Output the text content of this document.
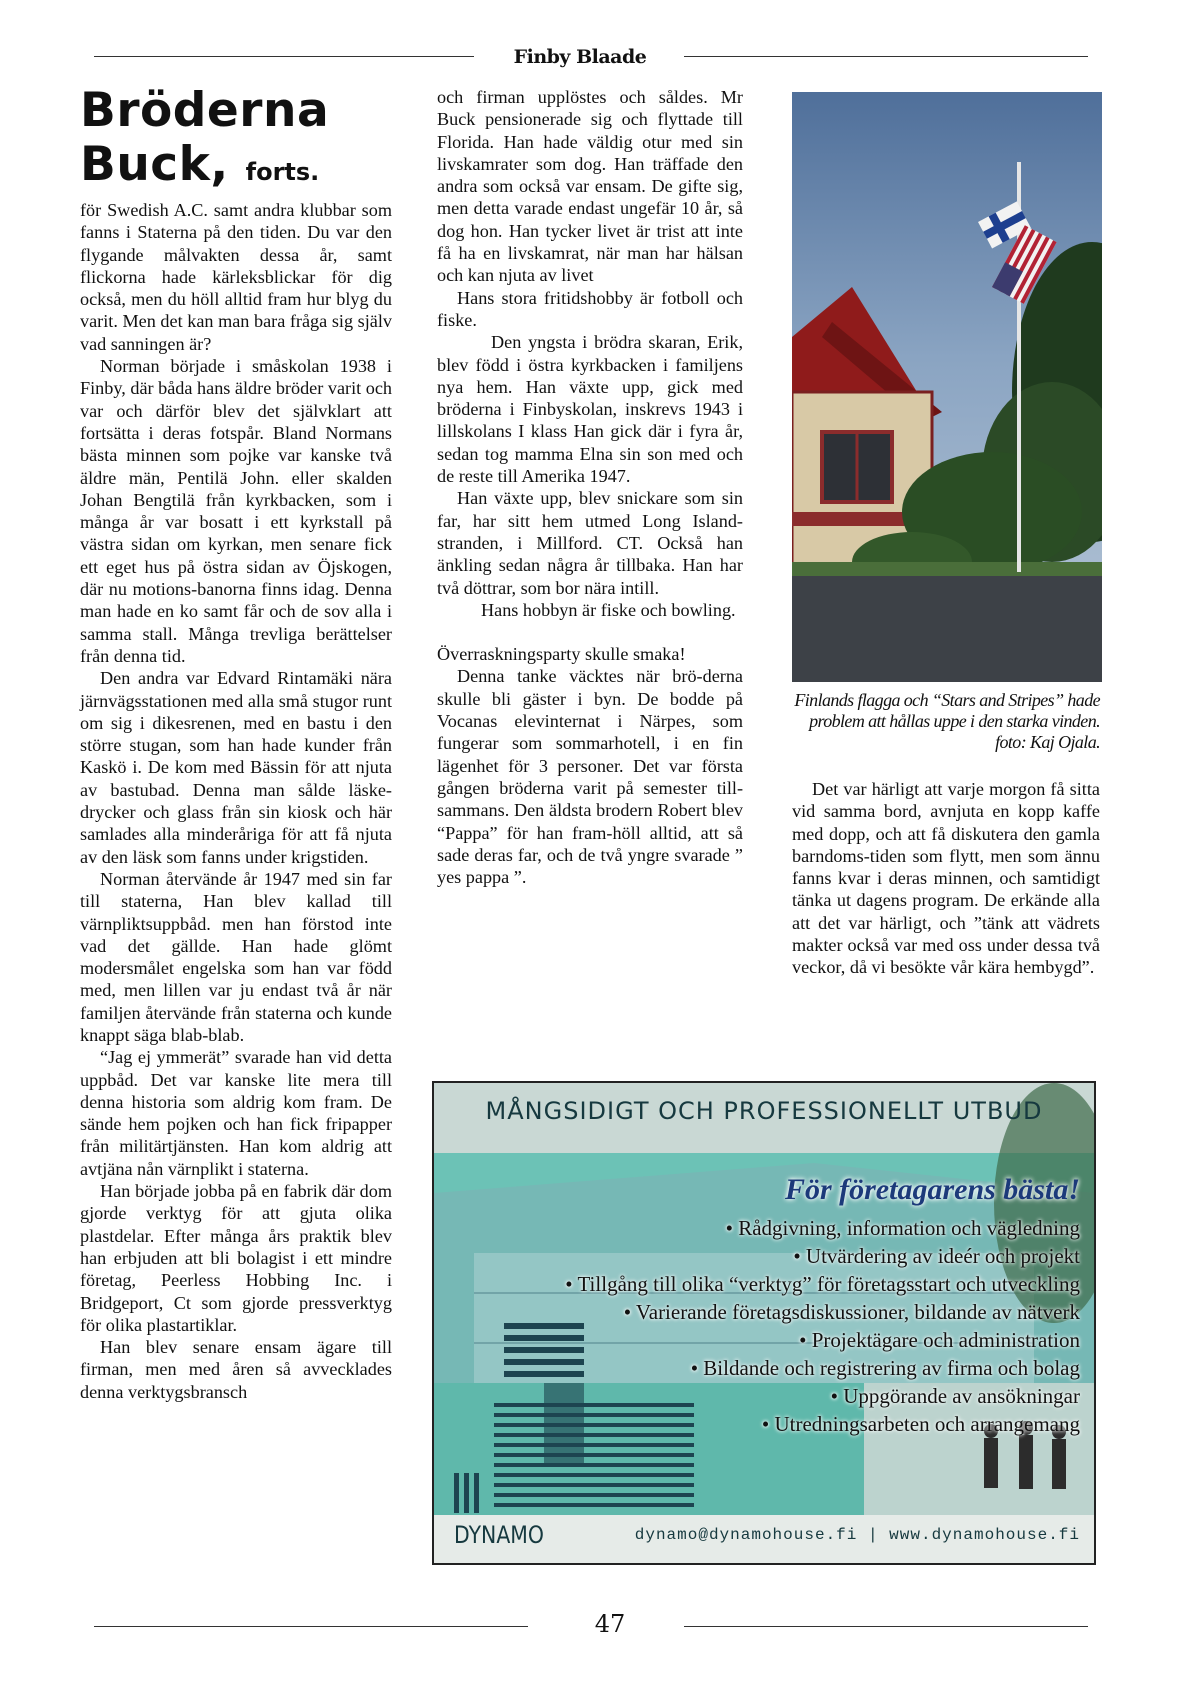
Finby Blaade
Bröderna
Buck, forts.

för Swedish A.C. samt andra klubbar som fanns i Staterna på den tiden. Du var den flygande målvakten dessa år, samt flickorna hade kärleksblickar för dig också, men du höll alltid fram hur blyg du varit. Men det kan man bara fråga sig själv vad sanningen är?

Norman började i småskolan 1938 i Finby, där båda hans äldre bröder varit och var och därför blev det självklart att fortsätta i deras fotspår. Bland Normans bästa minnen som pojke var kanske två äldre män, Pentilä John. eller skalden Johan Bengtilä från kyrkbacken, som i många år var bosatt i ett kyrkstall på västra sidan om kyrkan, men senare fick ett eget hus på östra sidan av Öjskogen, där nu motions-banorna finns idag. Denna man hade en ko samt får och de sov alla i samma stall. Många trevliga berättelser från denna tid.

Den andra var Edvard Rintamäki nära järnvägsstationen med alla små stugor runt om sig i dikesrenen, med en bastu i den större stugan, som han hade kunder från Kaskö i. De kom med Bässin för att njuta av bastubad. Denna man sålde läske-drycker och glass från sin kiosk och här samlades alla minderåriga för att få njuta av den läsk som fanns under krigstiden.

Norman återvände år 1947 med sin far till staterna, Han blev kallad till värnpliktsuppbåd. men han förstod inte vad det gällde. Han hade glömt modersmålet engelska som han var född med, men lillen var ju endast två år när familjen återvände från staterna och kunde knappt säga blab-blab.

“Jag ej ymmerät” svarade han vid detta uppbåd. Det var kanske lite mera till denna historia som aldrig kom fram. De sände hem pojken och han fick fripapper från militärtjänsten. Han kom aldrig att avtjäna nån värnplikt i staterna.

Han började jobba på en fabrik där dom gjorde verktyg för att gjuta olika plastdelar. Efter många års praktik blev han erbjuden att bli bolagist i ett mindre företag, Peerless Hobbing Inc. i Bridgeport, Ct som gjorde pressverktyg för olika plastartiklar.

Han blev senare ensam ägare till firman, men med åren så avvecklades denna verktygsbransch

och firman upplöstes och såldes. Mr Buck pensionerade sig och flyttade till Florida. Han hade väldig otur med sin livskamrater som dog. Han träffade den andra som också var ensam. De gifte sig, men detta varade endast ungefär 10 år, så dog hon. Han tycker livet är trist att inte få ha en livskamrat, när man har hälsan och kan njuta av livet

Hans stora fritidshobby är fotboll och fiske.

Den yngsta i brödra skaran, Erik, blev född i östra kyrkbacken i familjens nya hem. Han växte upp, gick med bröderna i Finbyskolan, inskrevs 1943 i lillskolans I klass Han gick där i fyra år, sedan tog mamma Elna sin son med och de reste till Amerika 1947.

Han växte upp, blev snickare som sin far, har sitt hem utmed Long Island-stranden, i Millford. CT. Också han änkling sedan några år tillbaka. Han har två döttrar, som bor nära intill.

Hans hobbyn är fiske och bowling.

Överraskningsparty skulle smaka!

Denna tanke väcktes när brö-derna skulle bli gäster i byn. De bodde på Vocanas elevinternat i Närpes, som fungerar som sommarhotell, i en fin lägenhet för 3 personer. Det var första gången bröderna varit på semester till-sammans. Den äldsta brodern Robert blev “Pappa” för han fram-höll alltid, att så sade deras far, och de två yngre svarade ” yes pappa ”.

Finlands flagga och “Stars and Stripes” hade problem att hållas uppe i den starka vinden. foto: Kaj Ojala.

Det var härligt att varje morgon få sitta vid samma bord, avnjuta en kopp kaffe med dopp, och att få diskutera den gamla barndoms-tiden som flytt, men som ännu fanns kvar i deras minnen, och samtidigt tänka ut dagens program. De erkände alla att det var härligt, och ”tänk att vädrets makter också var med oss under dessa två veckor, då vi besökte vår kära hembygd”.

MÅNGSIDIGT OCH PROFESSIONELLT UTBUD
För företagarens bästa!
• Rådgivning, information och vägledning
• Utvärdering av ideér och projekt
• Tillgång till olika “verktyg” för företagsstart och utveckling
• Varierande företagsdiskussioner, bildande av nätverk
• Projektägare och administration
• Bildande och registrering av firma och bolag
• Uppgörande av ansökningar
• Utredningsarbeten och arrangemang
DYNAMO	dynamo@dynamohouse.fi | www.dynamohouse.fi
47
